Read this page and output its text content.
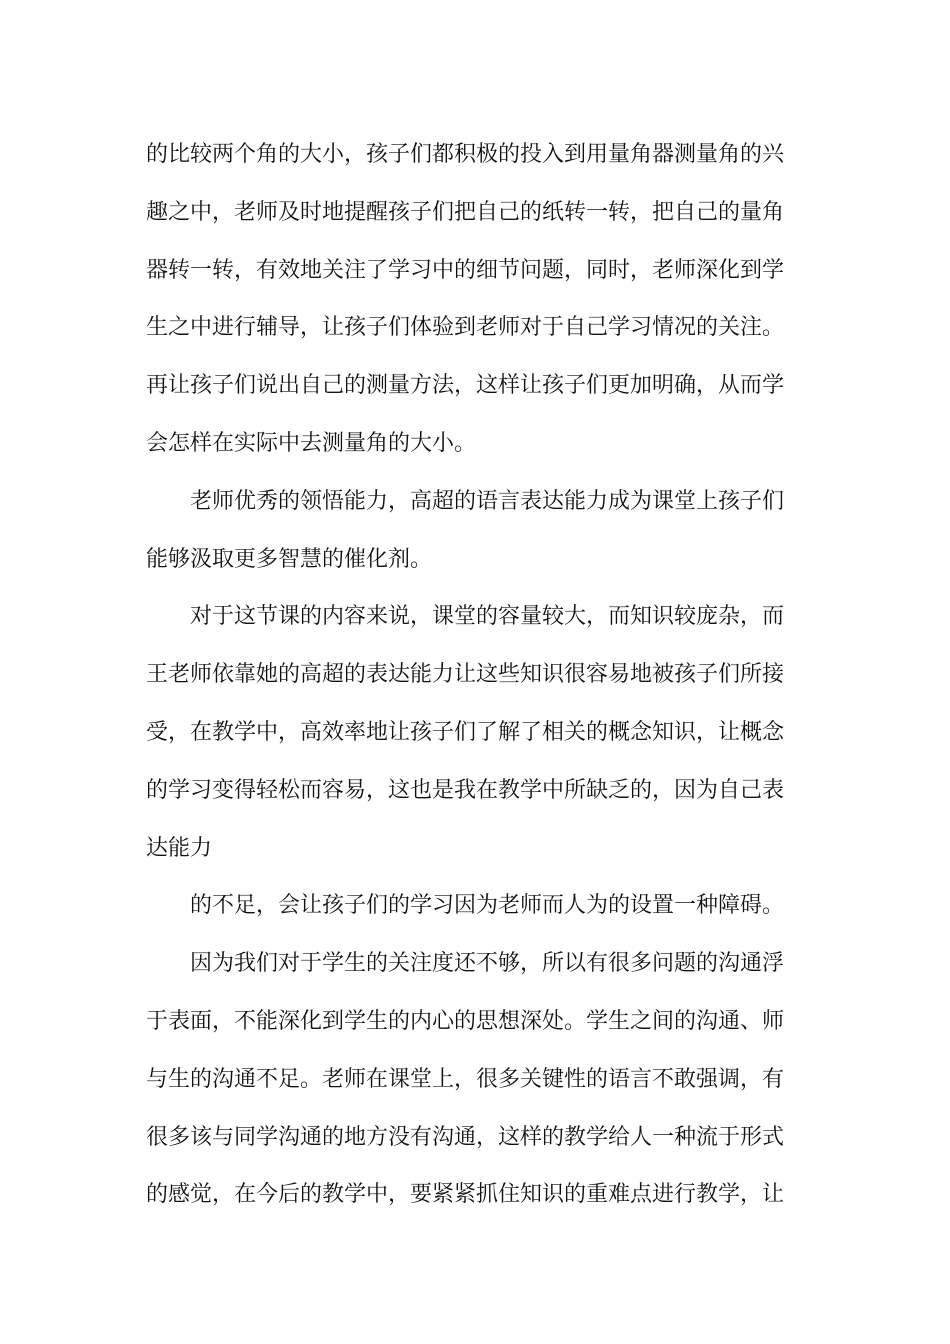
的比较两个角的大小，孩子们都积极的投入到用量角器测量角的兴
趣之中，老师及时地提醒孩子们把自己的纸转一转，把自己的量角
器转一转，有效地关注了学习中的细节问题，同时，老师深化到学
生之中进行辅导，让孩子们体验到老师对于自己学习情况的关注。
再让孩子们说出自己的测量方法，这样让孩子们更加明确，从而学
会怎样在实际中去测量角的大小。
老师优秀的领悟能力，高超的语言表达能力成为课堂上孩子们
能够汲取更多智慧的催化剂。
对于这节课的内容来说，课堂的容量较大，而知识较庞杂，而
王老师依靠她的高超的表达能力让这些知识很容易地被孩子们所接
受，在教学中，高效率地让孩子们了解了相关的概念知识，让概念
的学习变得轻松而容易，这也是我在教学中所缺乏的，因为自己表
达能力
的不足，会让孩子们的学习因为老师而人为的设置一种障碍。
因为我们对于学生的关注度还不够，所以有很多问题的沟通浮
于表面，不能深化到学生的内心的思想深处。学生之间的沟通、师
与生的沟通不足。老师在课堂上，很多关键性的语言不敢强调，有
很多该与同学沟通的地方没有沟通，这样的教学给人一种流于形式
的感觉，在今后的教学中，要紧紧抓住知识的重难点进行教学，让
